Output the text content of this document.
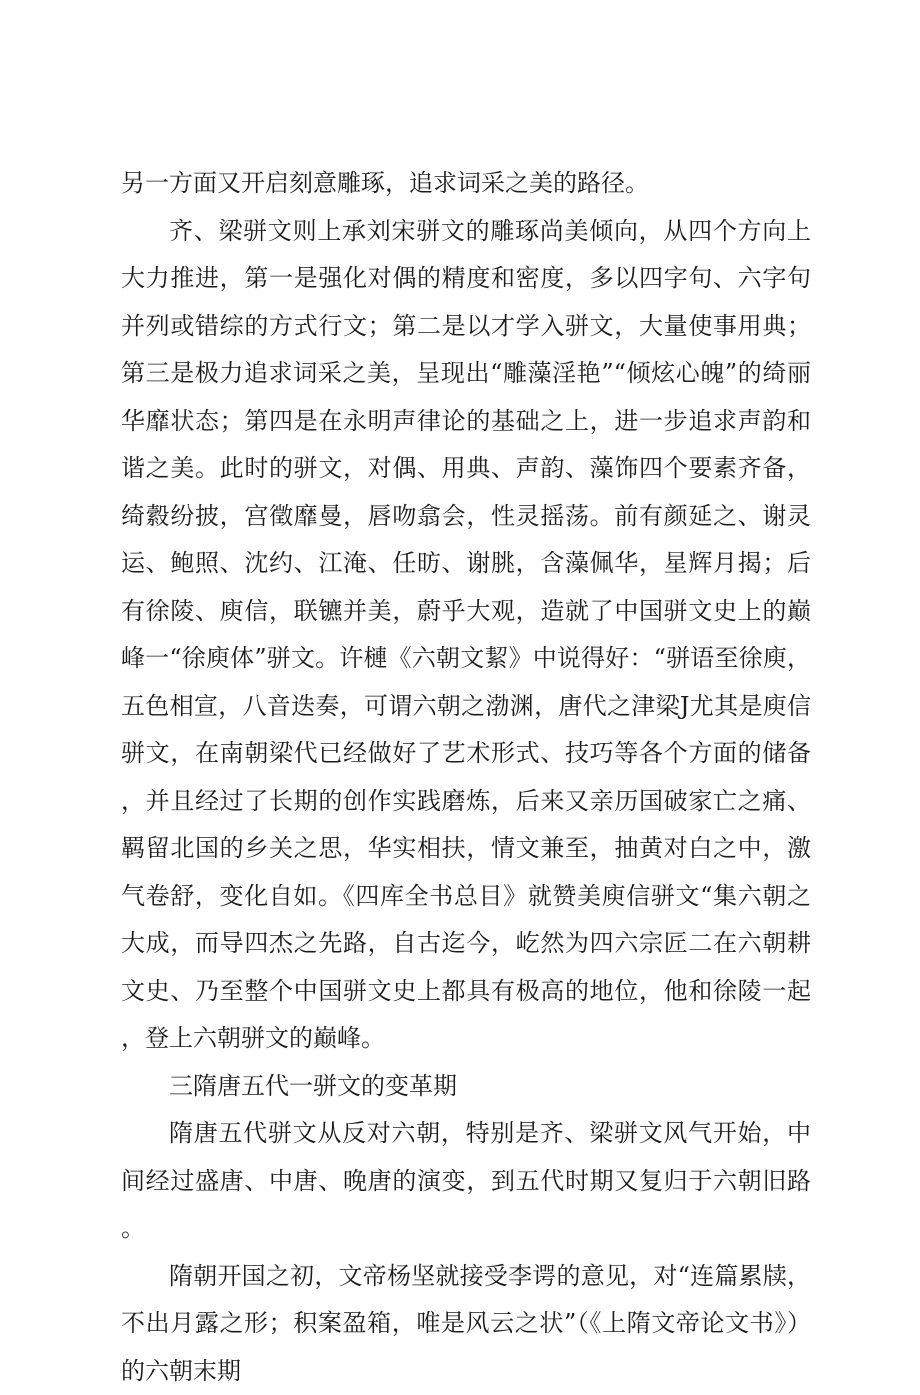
另一方面又开启刻意雕琢，追求词采之美的路径。

齐、梁骈文则上承刘宋骈文的雕琢尚美倾向，从四个方向上大力推进，第一是强化对偶的精度和密度，多以四字句、六字句并列或错综的方式行文；第二是以才学入骈文，大量使事用典；第三是极力追求词采之美，呈现出“雕藻淫艳”“倾炫心魄”的绮丽华靡状态；第四是在永明声律论的基础之上，进一步追求声韵和谐之美。此时的骈文，对偶、用典、声韵、藻饰四个要素齐备，绮縠纷披，宫徵靡曼，唇吻翕会，性灵摇荡。前有颜延之、谢灵运、鲍照、沈约、江淹、任昉、谢朓，含藻佩华，星辉月揭；后有徐陵、庾信，联镳并美，蔚乎大观，造就了中国骈文史上的巅峰一“徐庾体”骈文。许槤《六朝文絜》中说得好：“骈语至徐庾，五色相宣，八音迭奏，可谓六朝之渤渊，唐代之津梁J尤其是庾信骈文，在南朝梁代已经做好了艺术形式、技巧等各个方面的储备，并且经过了长期的创作实践磨炼，后来又亲历国破家亡之痛、羁留北国的乡关之思，华实相扶，情文兼至，抽黄对白之中，激气卷舒，变化自如。《四库全书总目》就赞美庾信骈文“集六朝之大成，而导四杰之先路，自古迄今，屹然为四六宗匠二在六朝耕文史、乃至整个中国骈文史上都具有极高的地位，他和徐陵一起，登上六朝骈文的巅峰。

三隋唐五代一骈文的变革期

隋唐五代骈文从反对六朝，特别是齐、梁骈文风气开始，中间经过盛唐、中唐、晚唐的演变，到五代时期又复归于六朝旧路。

隋朝开国之初，文帝杨坚就接受李谔的意见，对“连篇累牍，不出月露之形；积案盈箱，唯是风云之状”（《上隋文帝论文书》）的六朝末期
